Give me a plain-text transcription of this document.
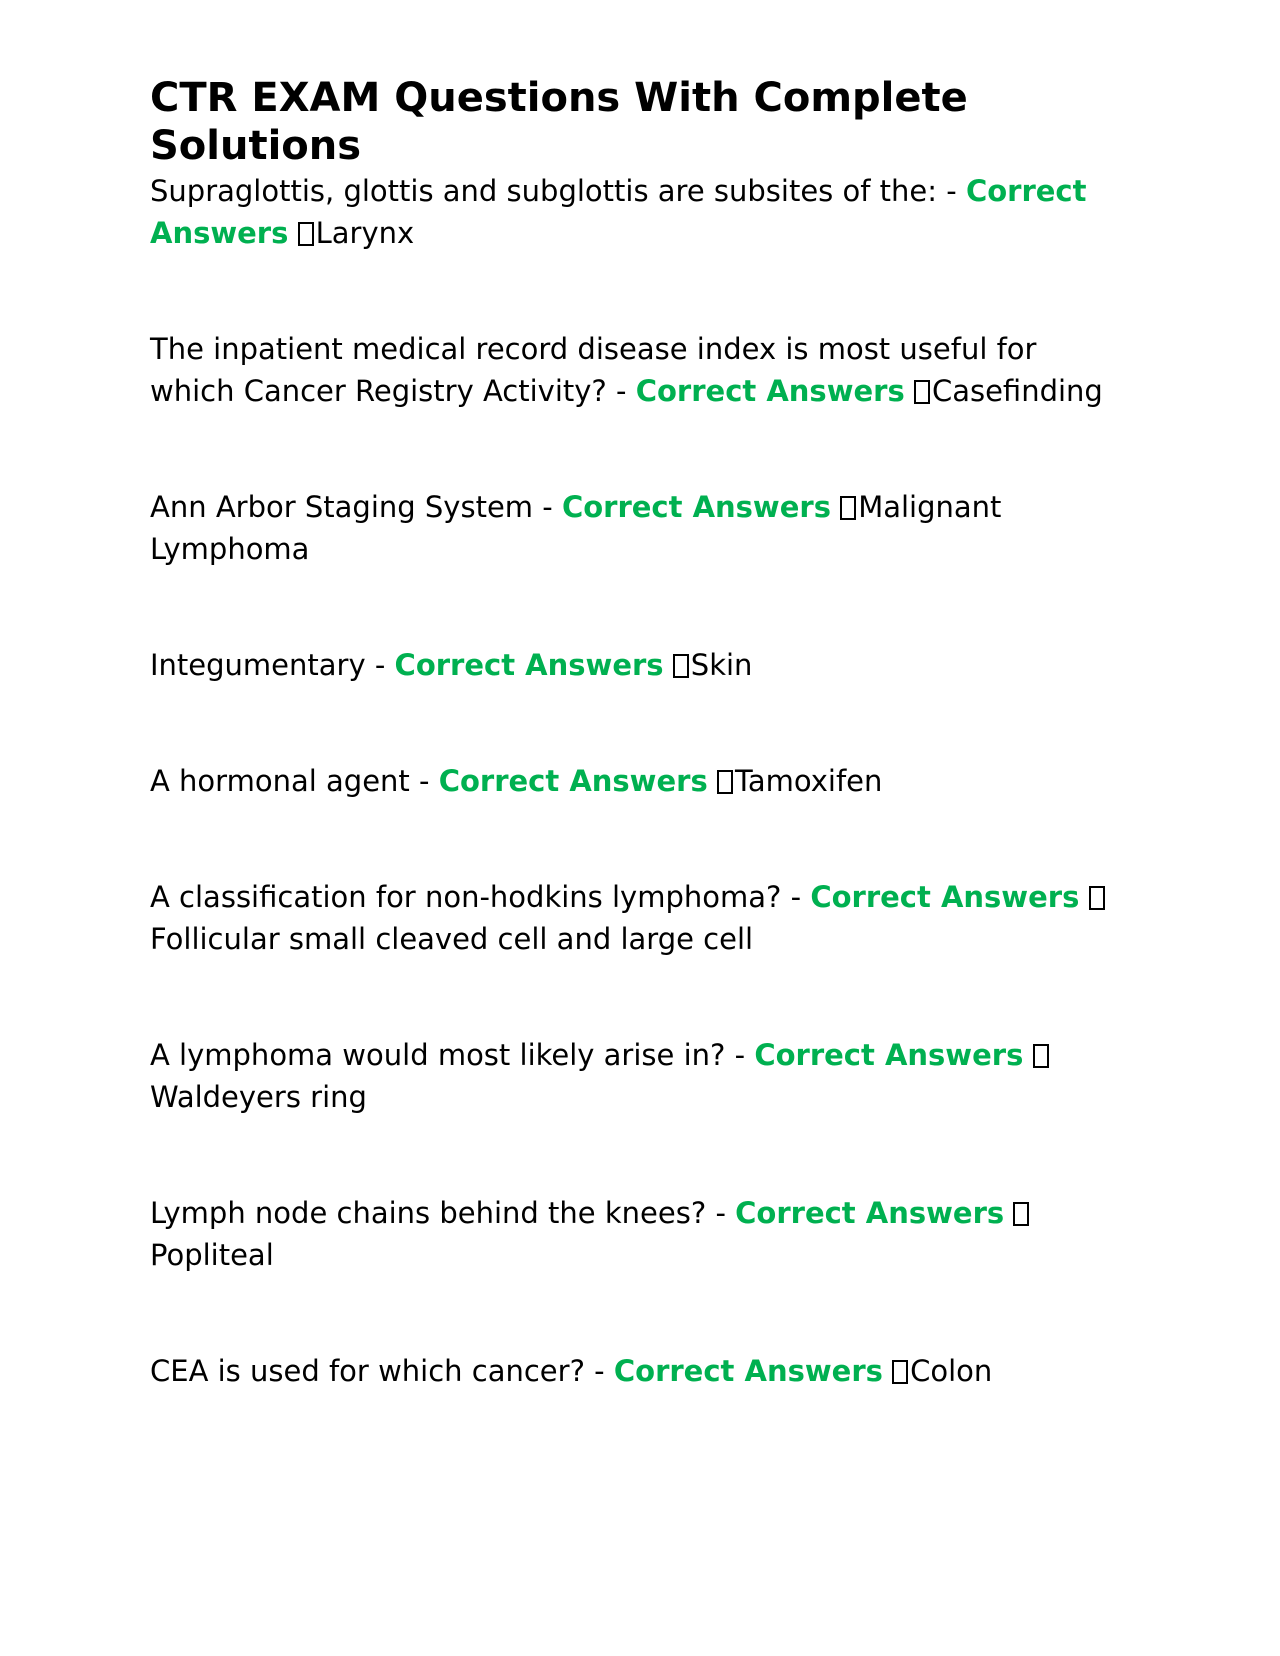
CTR EXAM Questions With Complete Solutions

Supraglottis, glottis and subglottis are subsites of the: - Correct Answers Larynx

The inpatient medical record disease index is most useful for which Cancer Registry Activity? - Correct Answers Casefinding

Ann Arbor Staging System - Correct Answers Malignant Lymphoma

Integumentary - Correct Answers Skin

A hormonal agent - Correct Answers Tamoxifen

A classification for non-hodkins lymphoma? - Correct Answers Follicular small cleaved cell and large cell

A lymphoma would most likely arise in? - Correct Answers Waldeyers ring

Lymph node chains behind the knees? - Correct Answers Popliteal

CEA is used for which cancer? - Correct Answers Colon
